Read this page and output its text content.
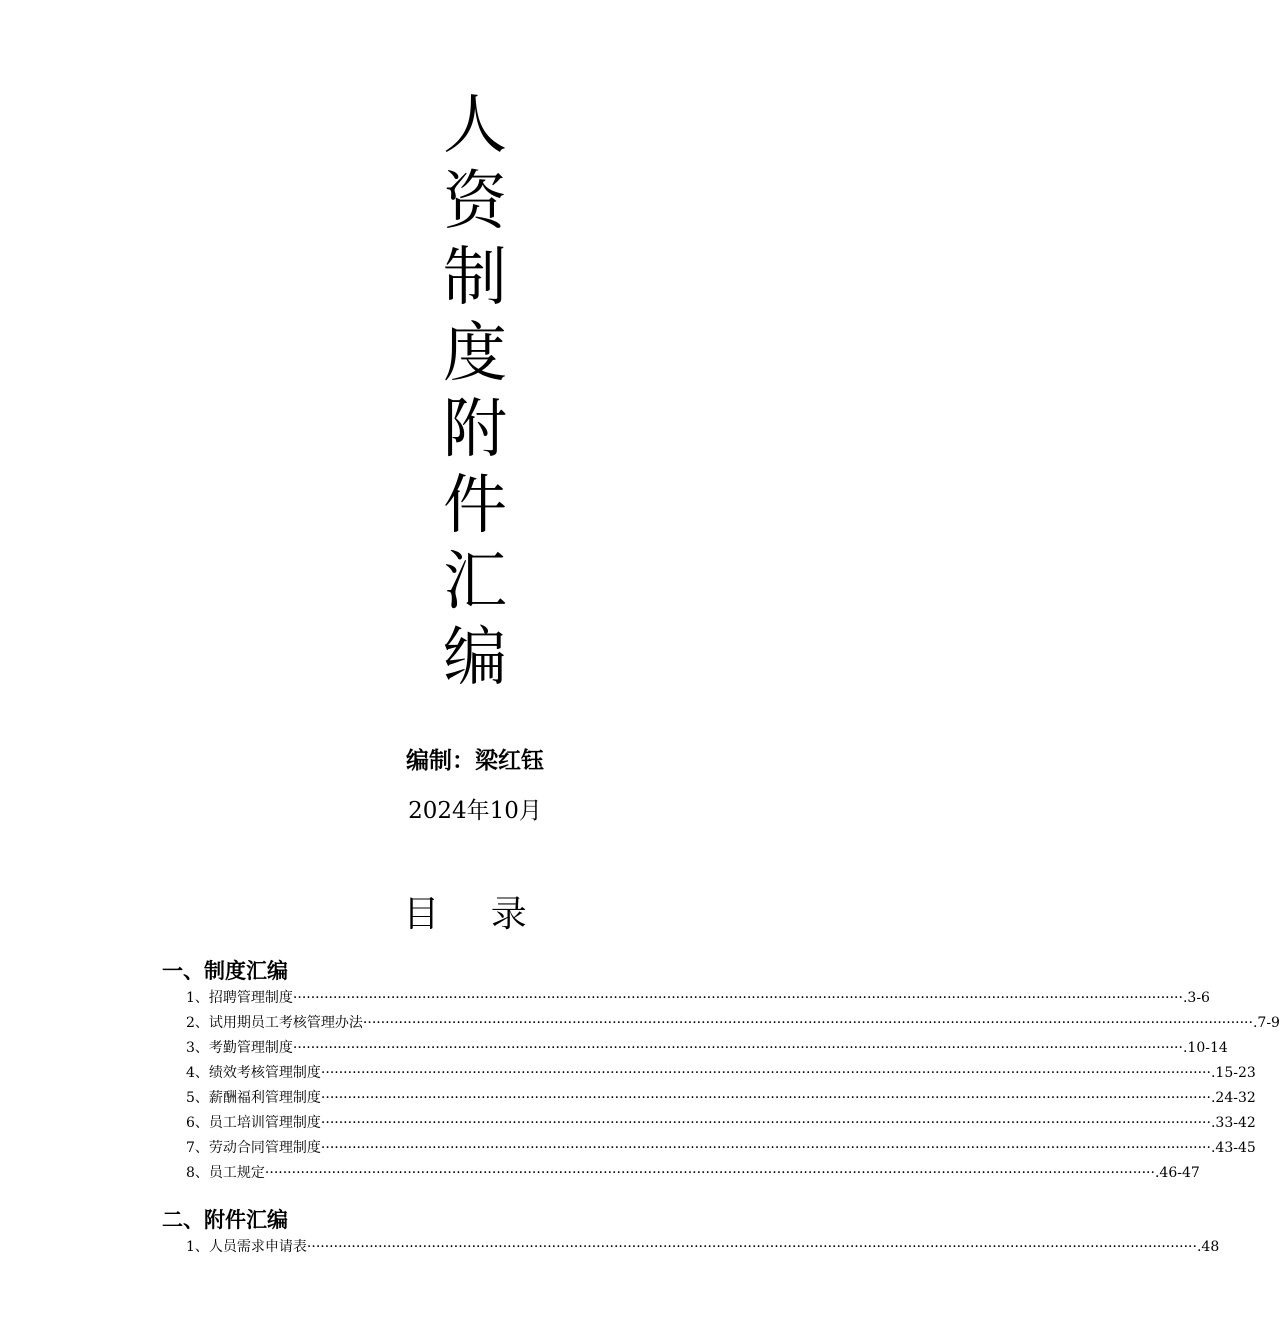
人
资
制
度
附
件
汇
编
编制：梁红钰
2024年10月
目 录
一、制度汇编
1、招聘管理制度 ········································································································································································································ .3-6
2、试用期员工考核管理办法 ········································································································································································································ .7-9
3、考勤管理制度 ········································································································································································································ .10-14
4、绩效考核管理制度 ········································································································································································································ .15-23
5、薪酬福利管理制度 ········································································································································································································ .24-32
6、员工培训管理制度 ········································································································································································································ .33-42
7、劳动合同管理制度 ········································································································································································································ .43-45
8、员工规定 ········································································································································································································ .46-47
二、附件汇编
1、人员需求申请表 ········································································································································································································ .48
